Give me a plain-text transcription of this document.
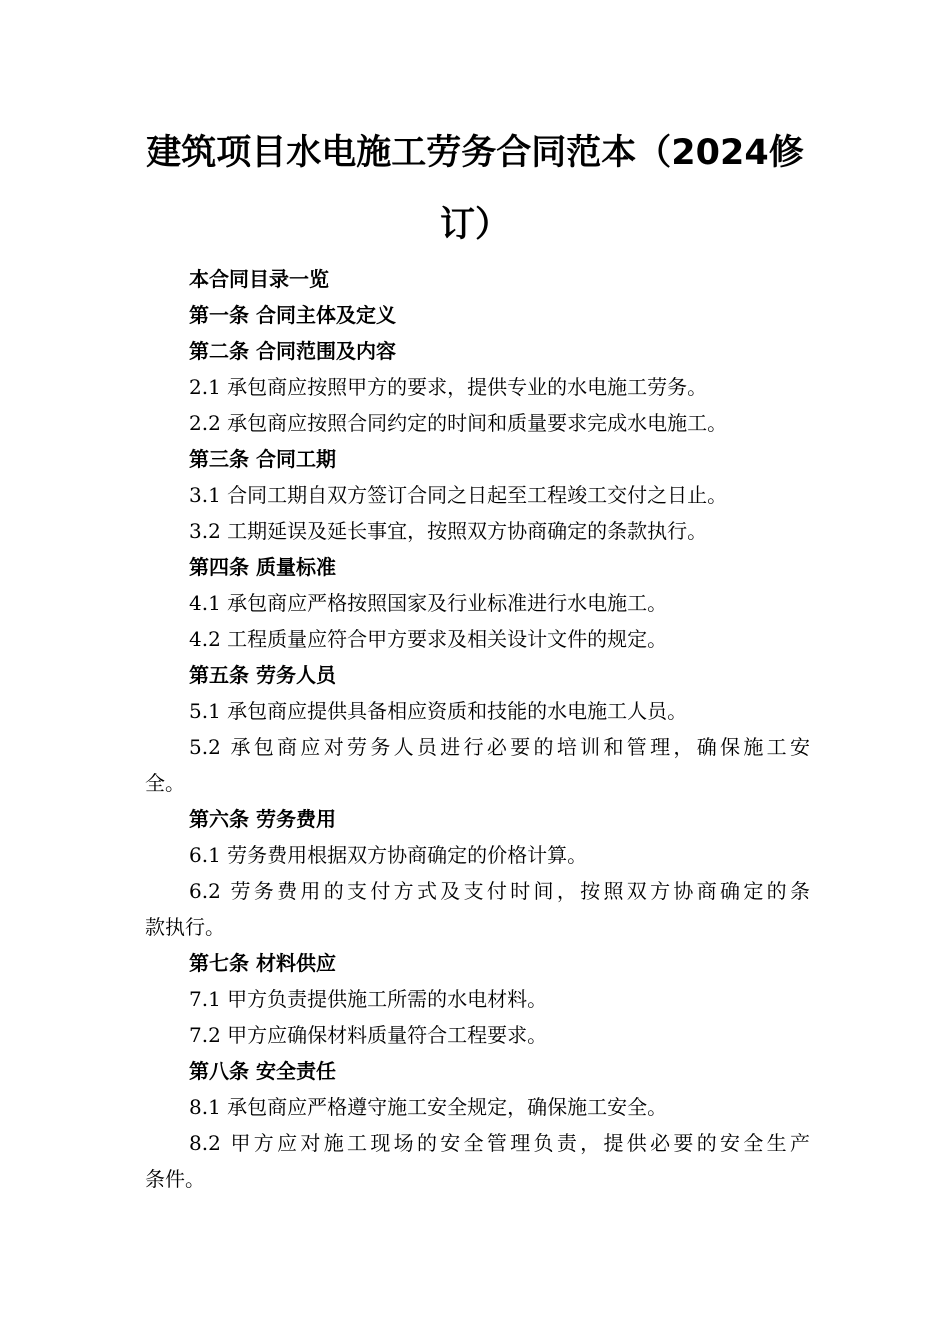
建筑项目水电施工劳务合同范本（2024修
订）
本合同目录一览
第一条 合同主体及定义
第二条 合同范围及内容
2.1 承包商应按照甲方的要求，提供专业的水电施工劳务。
2.2 承包商应按照合同约定的时间和质量要求完成水电施工。
第三条 合同工期
3.1 合同工期自双方签订合同之日起至工程竣工交付之日止。
3.2 工期延误及延长事宜，按照双方协商确定的条款执行。
第四条 质量标准
4.1 承包商应严格按照国家及行业标准进行水电施工。
4.2 工程质量应符合甲方要求及相关设计文件的规定。
第五条 劳务人员
5.1 承包商应提供具备相应资质和技能的水电施工人员。
5.2 承包商应对劳务人员进行必要的培训和管理，确保施工安
全。
第六条 劳务费用
6.1 劳务费用根据双方协商确定的价格计算。
6.2 劳务费用的支付方式及支付时间，按照双方协商确定的条
款执行。
第七条 材料供应
7.1 甲方负责提供施工所需的水电材料。
7.2 甲方应确保材料质量符合工程要求。
第八条 安全责任
8.1 承包商应严格遵守施工安全规定，确保施工安全。
8.2 甲方应对施工现场的安全管理负责，提供必要的安全生产
条件。
